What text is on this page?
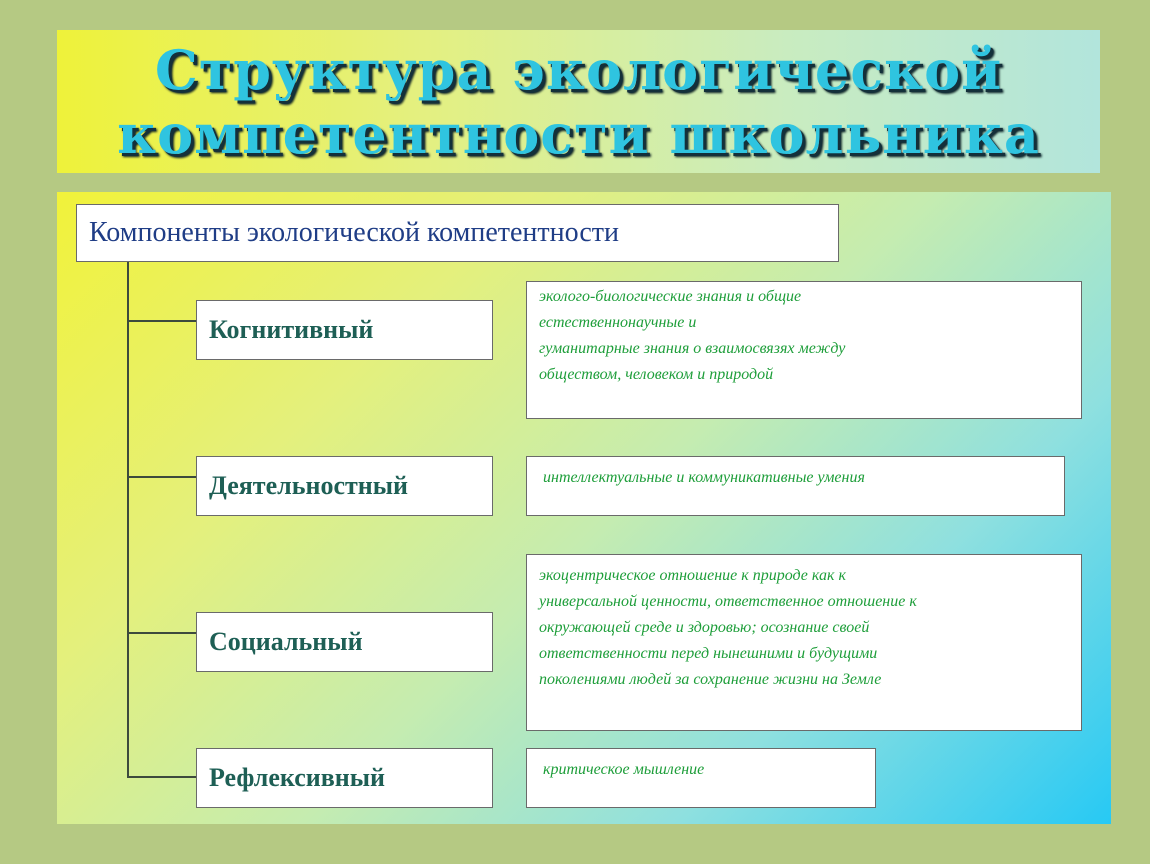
Структура экологической
компетентности школьника
Компоненты экологической компетентности
Когнитивный
Деятельностный
Социальный
Рефлексивный

эколого-биологические знания и общие

естественнонаучные и

гуманитарные знания о взаимосвязях между

обществом, человеком и природой

интеллектуальные и коммуникативные умения

экоцентрическое отношение к природе как к

универсальной ценности, ответственное отношение к

окружающей среде и здоровью; осознание своей

ответственности перед нынешними и будущими

поколениями людей за сохранение жизни на Земле

критическое мышление
